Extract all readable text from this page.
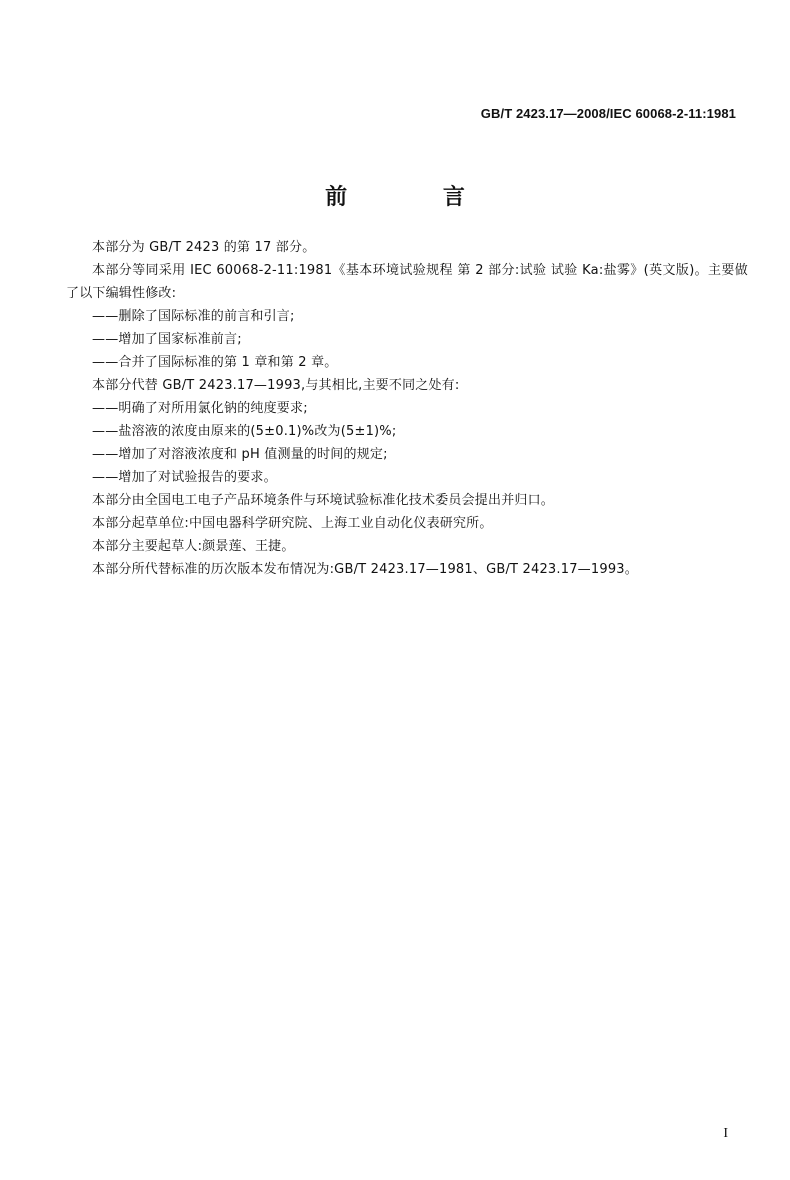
GB/T 2423.17—2008/IEC 60068-2-11:1981
前 言

本部分为 GB/T 2423 的第 17 部分。

本部分等同采用 IEC 60068-2-11:1981《基本环境试验规程 第 2 部分:试验 试验 Ka:盐雾》(英文版)。主要做了以下编辑性修改:

——删除了国际标准的前言和引言;

——增加了国家标准前言;

——合并了国际标准的第 1 章和第 2 章。

本部分代替 GB/T 2423.17—1993,与其相比,主要不同之处有:

——明确了对所用氯化钠的纯度要求;

——盐溶液的浓度由原来的(5±0.1)%改为(5±1)%;

——增加了对溶液浓度和 pH 值测量的时间的规定;

——增加了对试验报告的要求。

本部分由全国电工电子产品环境条件与环境试验标准化技术委员会提出并归口。

本部分起草单位:中国电器科学研究院、上海工业自动化仪表研究所。

本部分主要起草人:颜景莲、王捷。

本部分所代替标准的历次版本发布情况为:GB/T 2423.17—1981、GB/T 2423.17—1993。

I
